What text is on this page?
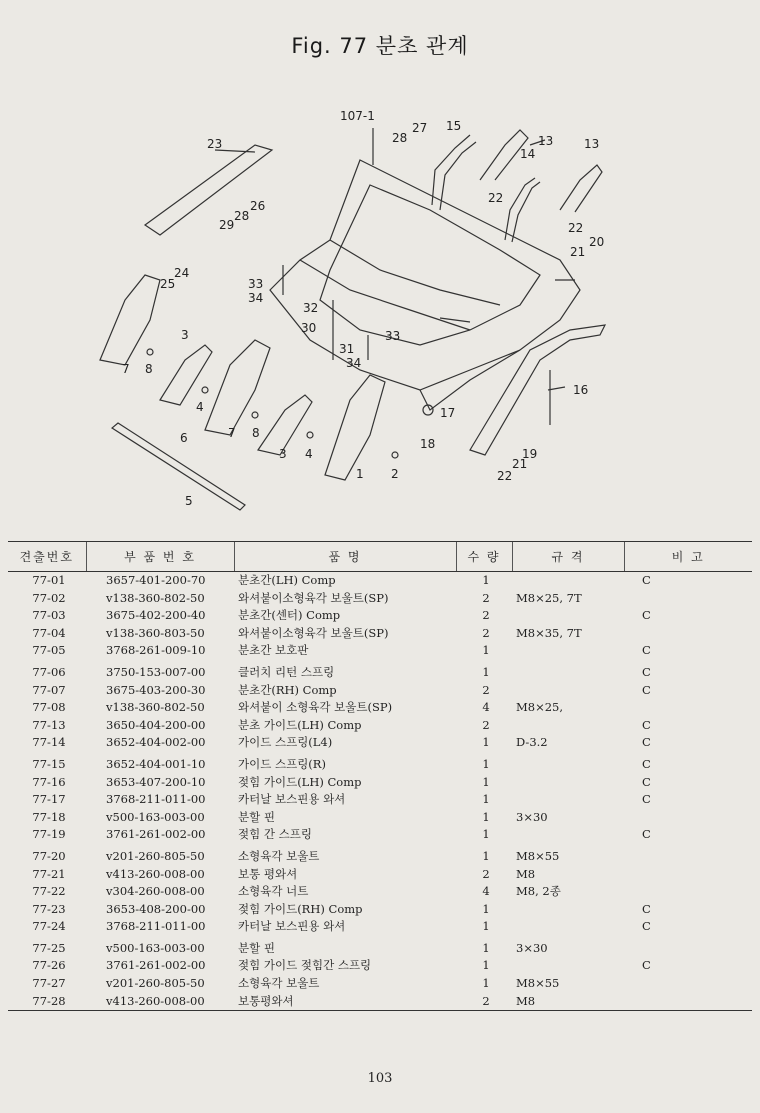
Fig. 77 분초 관계
107-1
28
27 15
13
14
13
23
22
26
28
29	22
21
20
24
25	33
34
32
30
33
31
34
3
7 8
4
7 8
6
3 4
17
16
18
1 2
19
21
22
5
견출번호	부 품 번 호	품 명	수 량	규 격	비 고
77-01	3657-401-200-70	분초간(LH) Comp	1		C
77-02	v138-360-802-50	와셔붙이소형육각 보울트(SP)	2	M8×25, 7T	
77-03	3675-402-200-40	분초간(센터) Comp	2		C
77-04	v138-360-803-50	와셔붙이소형육각 보울트(SP)	2	M8×35, 7T	
77-05	3768-261-009-10	분초간 보호판	1		C
77-06	3750-153-007-00	클러치 리턴 스프링	1		C
77-07	3675-403-200-30	분초간(RH) Comp	2		C
77-08	v138-360-802-50	와셔붙이 소형육각 보울트(SP)	4	M8×25,	
77-13	3650-404-200-00	분초 가이드(LH) Comp	2		C
77-14	3652-404-002-00	가이드 스프링(L4)	1	D-3.2	C
77-15	3652-404-001-10	가이드 스프링(R)	1		C
77-16	3653-407-200-10	젖힘 가이드(LH) Comp	1		C
77-17	3768-211-011-00	카터날 보스핀용 와셔	1		C
77-18	v500-163-003-00	분할 핀	1	3×30	
77-19	3761-261-002-00	젖힘 간 스프링	1		C
77-20	v201-260-805-50	소형육각 보울트	1	M8×55	
77-21	v413-260-008-00	보통 평와셔	2	M8	
77-22	v304-260-008-00	소형육각 너트	4	M8, 2종	
77-23	3653-408-200-00	젖힘 가이드(RH) Comp	1		C
77-24	3768-211-011-00	카터날 보스핀용 와셔	1		C
77-25	v500-163-003-00	분할 핀	1	3×30	
77-26	3761-261-002-00	젖힘 가이드 젖힘간 스프링	1		C
77-27	v201-260-805-50	소형육각 보울트	1	M8×55	
77-28	v413-260-008-00	보통평와셔	2	M8	
103
